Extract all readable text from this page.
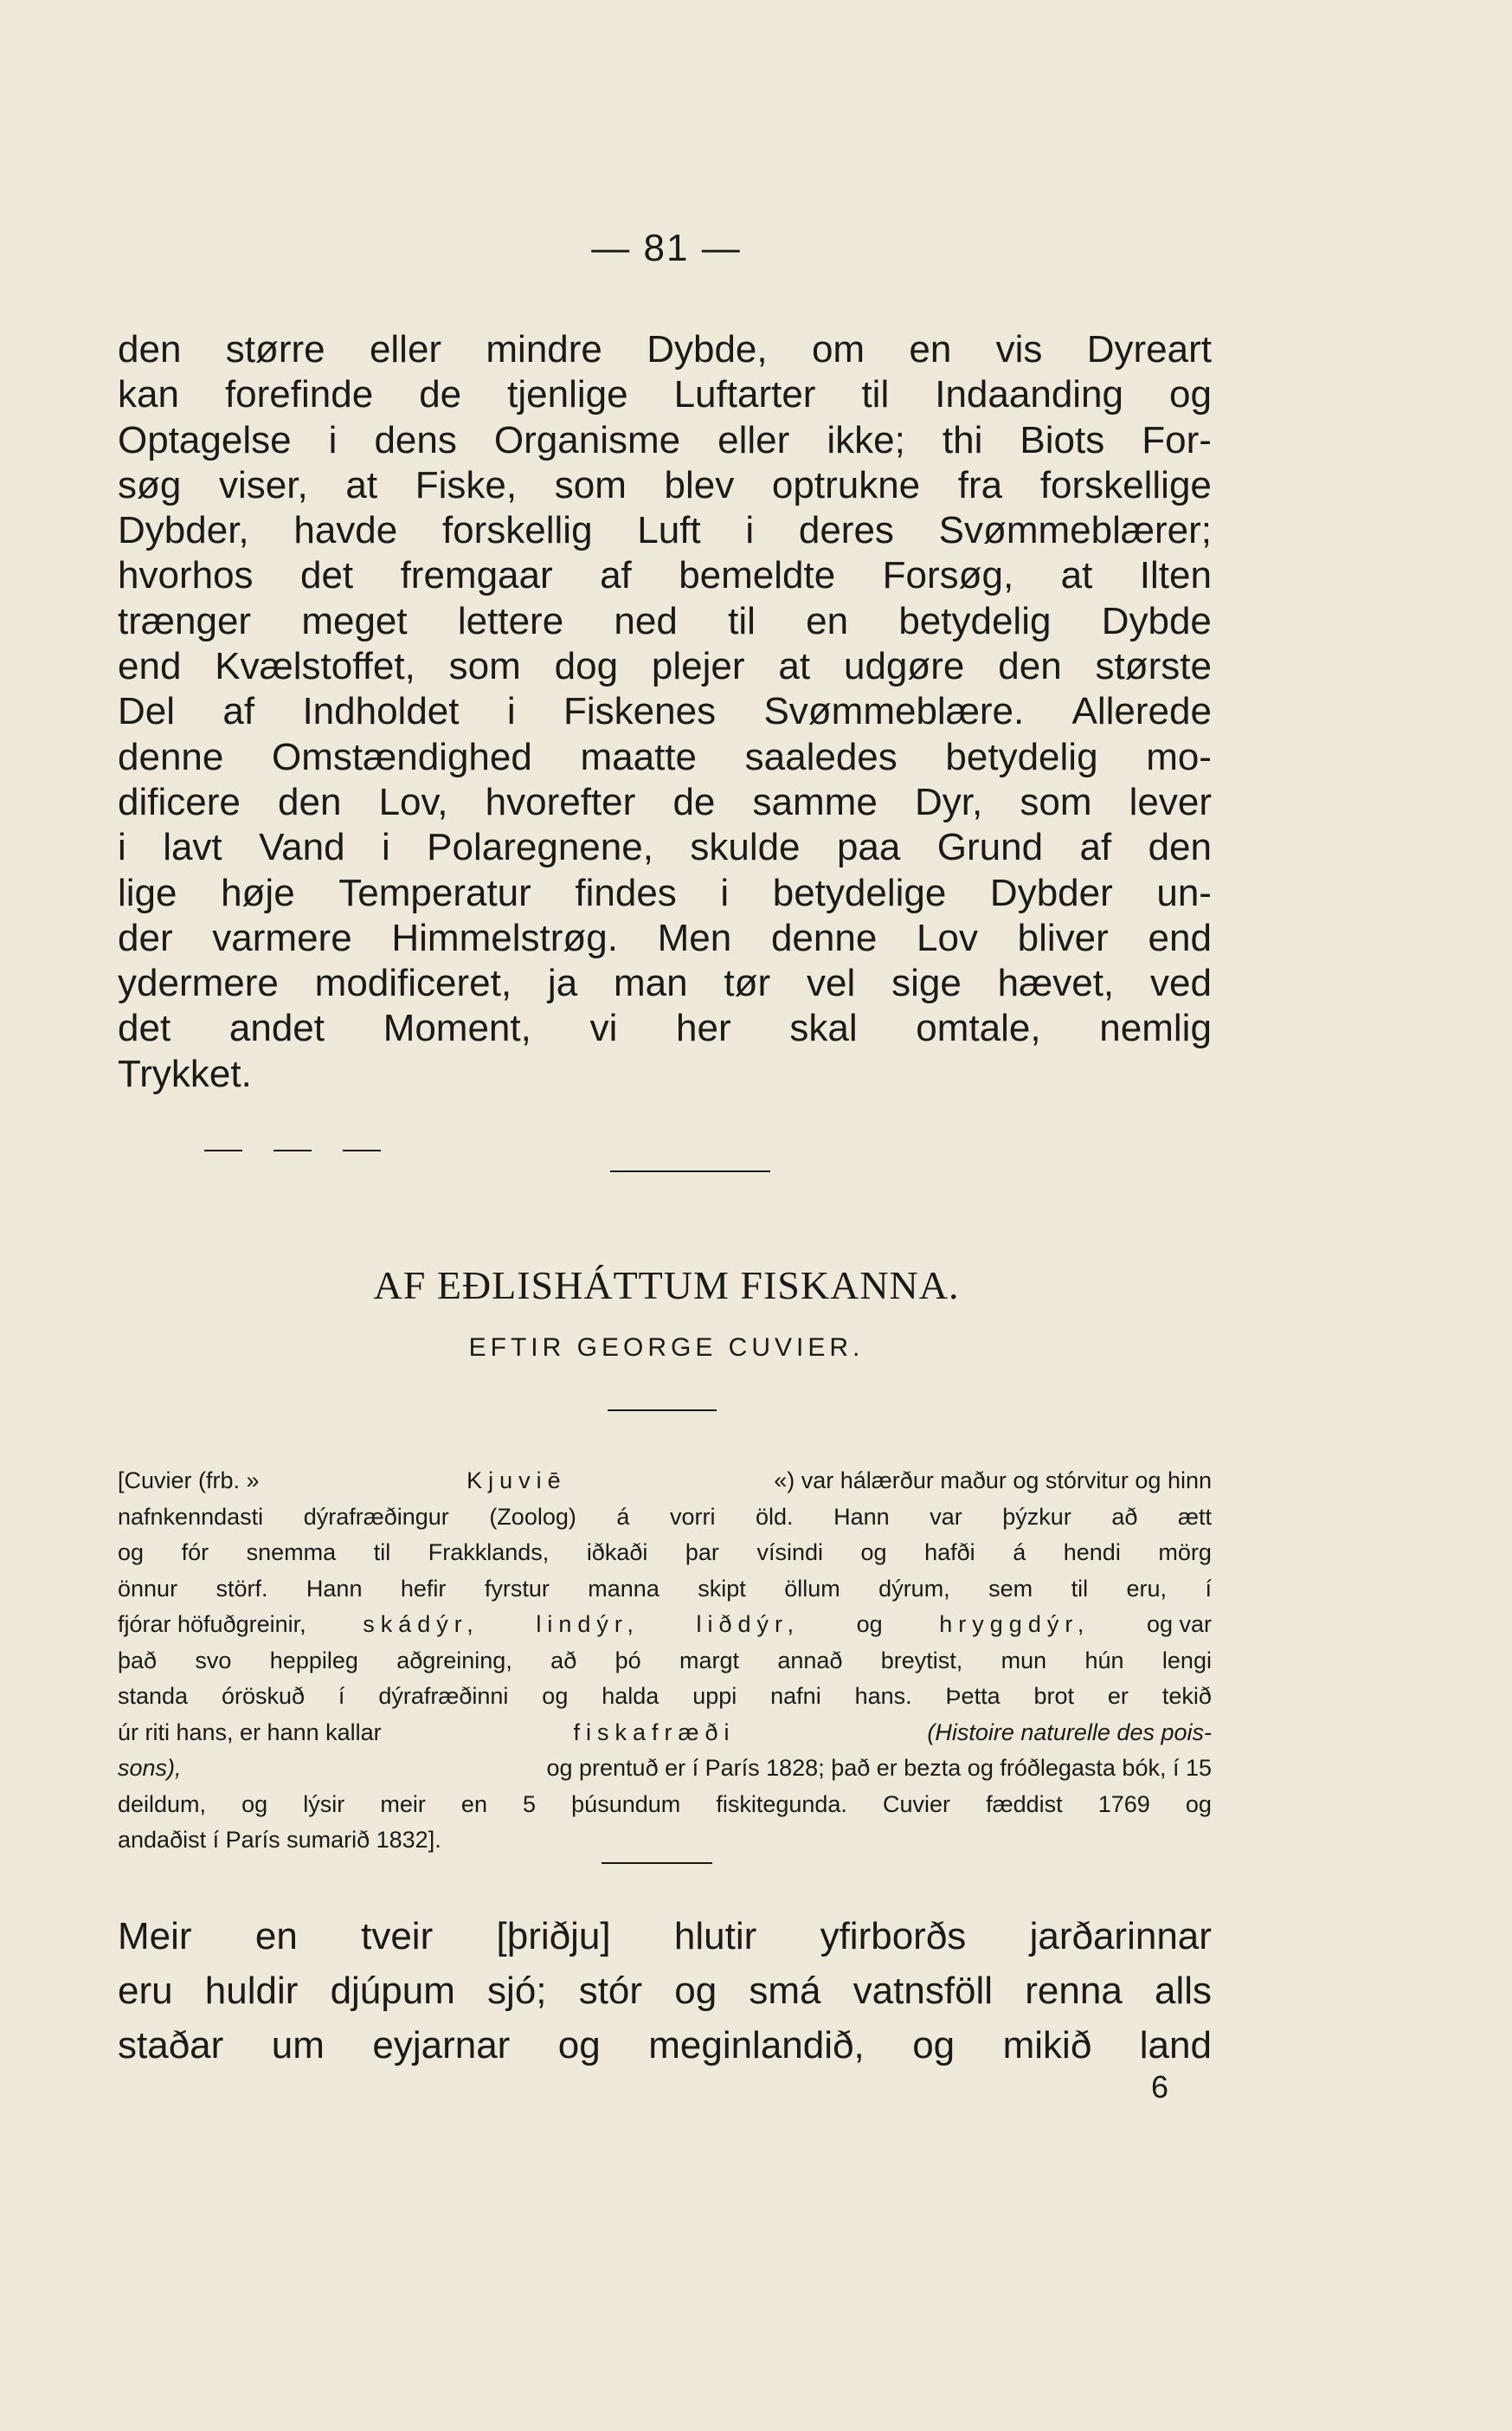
— 81 —
den større eller mindre Dybde, om en vis Dyreart
kan forefinde de tjenlige Luftarter til Indaanding og
Optagelse i dens Organisme eller ikke; thi Biots For-
søg viser, at Fiske, som blev optrukne fra forskellige
Dybder, havde forskellig Luft i deres Svømmeblærer;
hvorhos det fremgaar af bemeldte Forsøg, at Ilten
trænger meget lettere ned til en betydelig Dybde
end Kvælstoffet, som dog plejer at udgøre den største
Del af Indholdet i Fiskenes Svømmeblære. Allerede
denne Omstændighed maatte saaledes betydelig mo-
dificere den Lov, hvorefter de samme Dyr, som lever
i lavt Vand i Polaregnene, skulde paa Grund af den
lige høje Temperatur findes i betydelige Dybder un-
der varmere Himmelstrøg. Men denne Lov bliver end
ydermere modificeret, ja man tør vel sige hævet, ved
det andet Moment, vi her skal omtale, nemlig
Trykket.
AF EÐLISHÁTTUM FISKANNA.
EFTIR GEORGE CUVIER.
[Cuvier (frb. »	Kjuviē	«) var hálærður maður og stórvitur og hinn
nafnkenndasti dýrafræðingur (Zoolog) á vorri öld. Hann var þýzkur að ætt
og fór snemma til Frakklands, iðkaði þar vísindi og hafði á hendi mörg
önnur störf. Hann hefir fyrstur manna skipt öllum dýrum, sem til eru, í
fjórar höfuðgreinir, skádýr, lindýr, liðdýr, og hryggdýr, og var
það svo heppileg aðgreining, að þó margt annað breytist, mun hún lengi
standa óröskuð í dýrafræðinni og halda uppi nafni hans. Þetta brot er tekið
úr riti hans, er hann kallar	fiskafræði	(Histoire naturelle des pois-
sons),	og prentuð er í París 1828; það er bezta og fróðlegasta bók, í 15
deildum, og lýsir meir en 5 þúsundum fiskitegunda. Cuvier fæddist 1769 og
andaðist í París sumarið 1832].
Meir en tveir [þriðju] hlutir yfirborðs jarðarinnar
eru huldir djúpum sjó; stór og smá vatnsföll renna alls
staðar um eyjarnar og meginlandið, og mikið land
6
